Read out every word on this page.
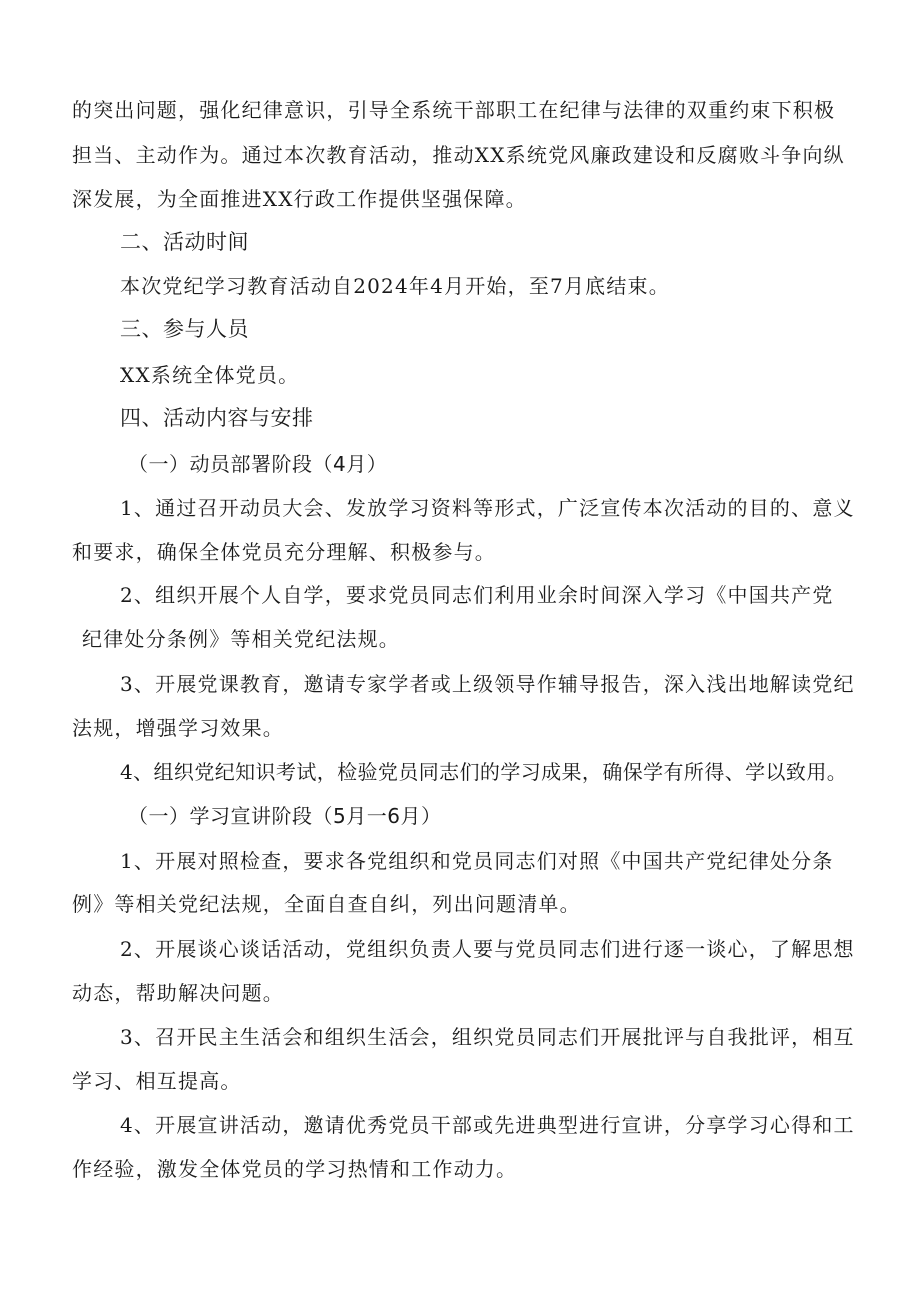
的突出问题，强化纪律意识，引导全系统干部职工在纪律与法律的双重约束下积极
担当、主动作为。通过本次教育活动，推动XX系统党风廉政建设和反腐败斗争向纵
深发展，为全面推进XX行政工作提供坚强保障。
二、活动时间
本次党纪学习教育活动自2024年4月开始，至7月底结束。
三、参与人员
XX系统全体党员。
四、活动内容与安排
（一）动员部署阶段（4月）
1、通过召开动员大会、发放学习资料等形式，广泛宣传本次活动的目的、意义
和要求，确保全体党员充分理解、积极参与。
2、组织开展个人自学，要求党员同志们利用业余时间深入学习《中国共产党
纪律处分条例》等相关党纪法规。
3、开展党课教育，邀请专家学者或上级领导作辅导报告，深入浅出地解读党纪
法规，增强学习效果。
4、组织党纪知识考试，检验党员同志们的学习成果，确保学有所得、学以致用。
（一）学习宣讲阶段（5月一6月）
1、开展对照检查，要求各党组织和党员同志们对照《中国共产党纪律处分条
例》等相关党纪法规，全面自查自纠，列出问题清单。
2、开展谈心谈话活动，党组织负责人要与党员同志们进行逐一谈心，了解思想
动态，帮助解决问题。
3、召开民主生活会和组织生活会，组织党员同志们开展批评与自我批评，相互
学习、相互提高。
4、开展宣讲活动，邀请优秀党员干部或先进典型进行宣讲，分享学习心得和工
作经验，激发全体党员的学习热情和工作动力。
